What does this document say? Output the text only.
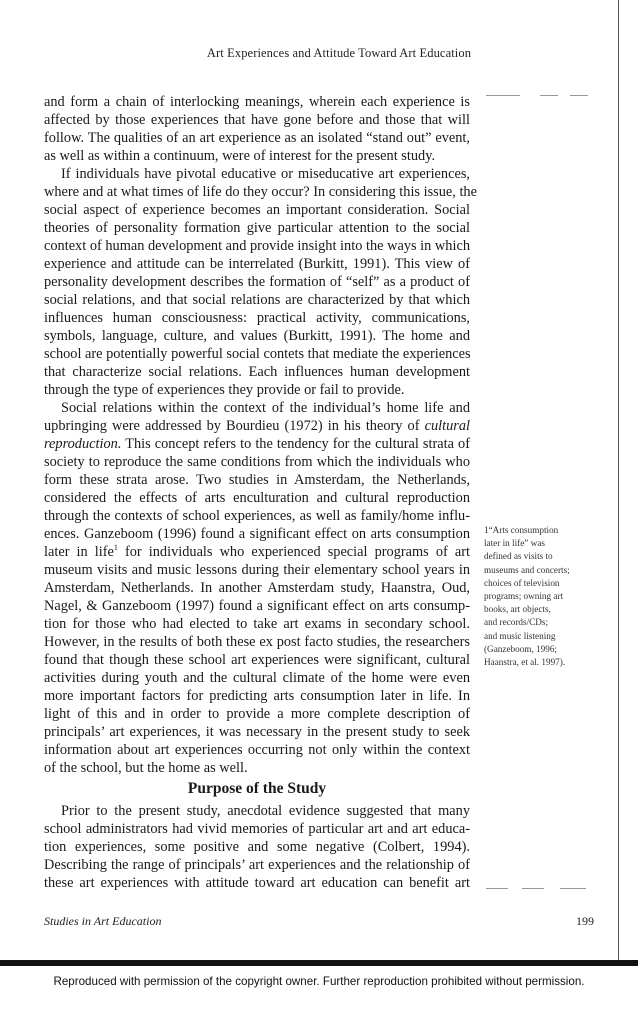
Art Experiences and Attitude Toward Art Education

and form a chain of interlocking meanings, wherein each experience is
affected by those experiences that have gone before and those that will
follow. The qualities of an art experience as an isolated “stand out” event,
as well as within a continuum, were of interest for the present study.

If individuals have pivotal educative or miseducative art experiences,
where and at what times of life do they occur? In considering this issue, the
social aspect of experience becomes an important consideration. Social
theories of personality formation give particular attention to the social
context of human development and provide insight into the ways in which
experience and attitude can be interrelated (Burkitt, 1991). This view of
personality development describes the formation of “self” as a product of
social relations, and that social relations are characterized by that which
influences human consciousness: practical activity, communications,
symbols, language, culture, and values (Burkitt, 1991). The home and
school are potentially powerful social contets that mediate the experiences
that characterize social relations. Each influences human development
through the type of experiences they provide or fail to provide.

Social relations within the context of the individual’s home life and
upbringing were addressed by Bourdieu (1972) in his theory of cultural
reproduction. This concept refers to the tendency for the cultural strata of
society to reproduce the same conditions from which the individuals who
form these strata arose. Two studies in Amsterdam, the Netherlands,
considered the effects of arts enculturation and cultural reproduction
through the contexts of school experiences, as well as family/home influ-
ences. Ganzeboom (1996) found a significant effect on arts consumption
later in life$^1$ for individuals who experienced special programs of art
museum visits and music lessons during their elementary school years in
Amsterdam, Netherlands. In another Amsterdam study, Haanstra, Oud,
Nagel, & Ganzeboom (1997) found a significant effect on arts consump-
tion for those who had elected to take art exams in secondary school.
However, in the results of both these ex post facto studies, the researchers
found that though these school art experiences were significant, cultural
activities during youth and the cultural climate of the home were even
more important factors for predicting arts consumption later in life. In
light of this and in order to provide a more complete description of
principals’ art experiences, it was necessary in the present study to seek
information about art experiences occurring not only within the context
of the school, but the home as well.

Purpose of the Study

Prior to the present study, anecdotal evidence suggested that many
school administrators had vivid memories of particular art and art educa-
tion experiences, some positive and some negative (Colbert, 1994).
Describing the range of principals’ art experiences and the relationship of
these art experiences with attitude toward art education can benefit art

1“Arts consumption
later in life” was
defined as visits to
museums and concerts;
choices of television
programs; owning art
books, art objects,
and records/CDs;
and music listening
(Ganzeboom, 1996;
Haanstra, et al. 1997).
Studies in Art Education	199
Reproduced with permission of the copyright owner. Further reproduction prohibited without permission.
